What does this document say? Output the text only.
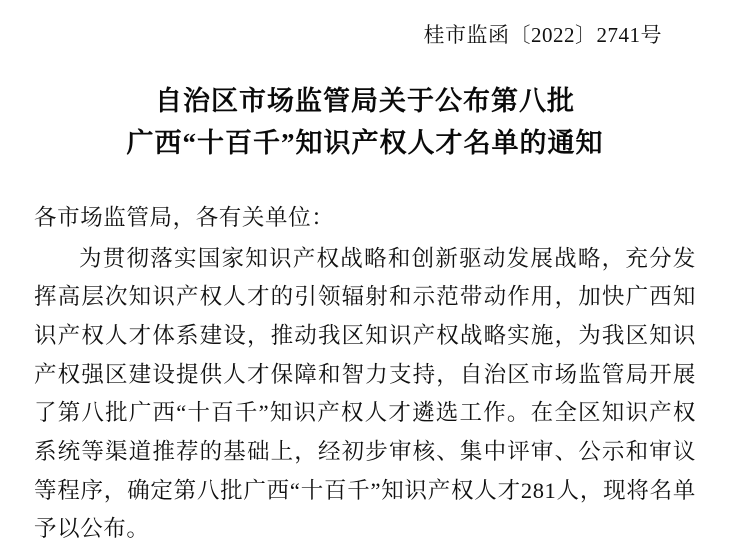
桂市监函〔2022〕2741号
自治区市场监管局关于公布第八批
广西“十百千”知识产权人才名单的通知

各市场监管局，各有关单位：

为贯彻落实国家知识产权战略和创新驱动发展战略，充分发挥高层次知识产权人才的引领辐射和示范带动作用，加快广西知识产权人才体系建设，推动我区知识产权战略实施，为我区知识产权强区建设提供人才保障和智力支持，自治区市场监管局开展了第八批广西“十百千”知识产权人才遴选工作。在全区知识产权系统等渠道推荐的基础上，经初步审核、集中评审、公示和审议等程序，确定第八批广西“十百千”知识产权人才281人，现将名单予以公布。
